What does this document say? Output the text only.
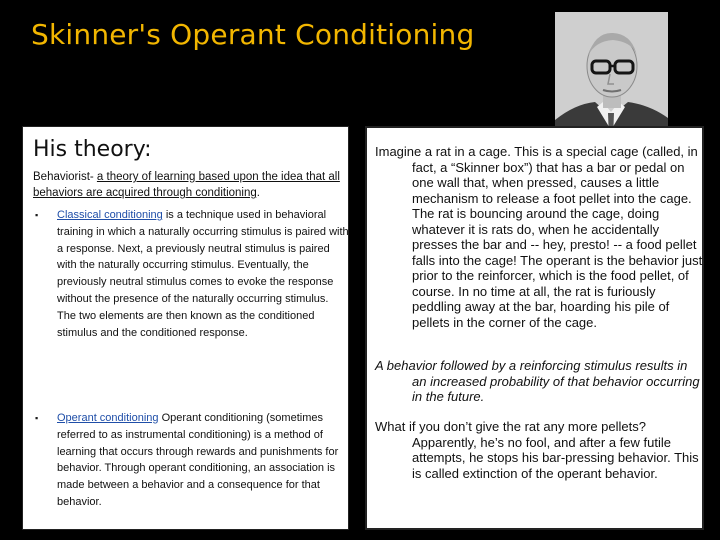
Skinner's Operant Conditioning
His theory:
Behaviorist- a theory of learning based upon the idea that all behaviors are acquired through conditioning.
▪ Classical conditioning is a technique used in behavioral training in which a naturally occurring stimulus is paired with a response. Next, a previously neutral stimulus is paired with the naturally occurring stimulus. Eventually, the previously neutral stimulus comes to evoke the response without the presence of the naturally occurring stimulus. The two elements are then known as the conditioned stimulus and the conditioned response.
▪ Operant conditioning Operant conditioning (sometimes referred to as instrumental conditioning) is a method of learning that occurs through rewards and punishments for behavior. Through operant conditioning, an association is made between a behavior and a consequence for that behavior.
Imagine a rat in a cage. This is a special cage (called, in fact, a “Skinner box”) that has a bar or pedal on one wall that, when pressed, causes a little mechanism to release a foot pellet into the cage. The rat is bouncing around the cage, doing whatever it is rats do, when he accidentally presses the bar and -- hey, presto! -- a food pellet falls into the cage! The operant is the behavior just prior to the reinforcer, which is the food pellet, of course. In no time at all, the rat is furiously peddling away at the bar, hoarding his pile of pellets in the corner of the cage.
A behavior followed by a reinforcing stimulus results in an increased probability of that behavior occurring in the future.
What if you don’t give the rat any more pellets? Apparently, he’s no fool, and after a few futile attempts, he stops his bar-pressing behavior. This is called extinction of the operant behavior.
